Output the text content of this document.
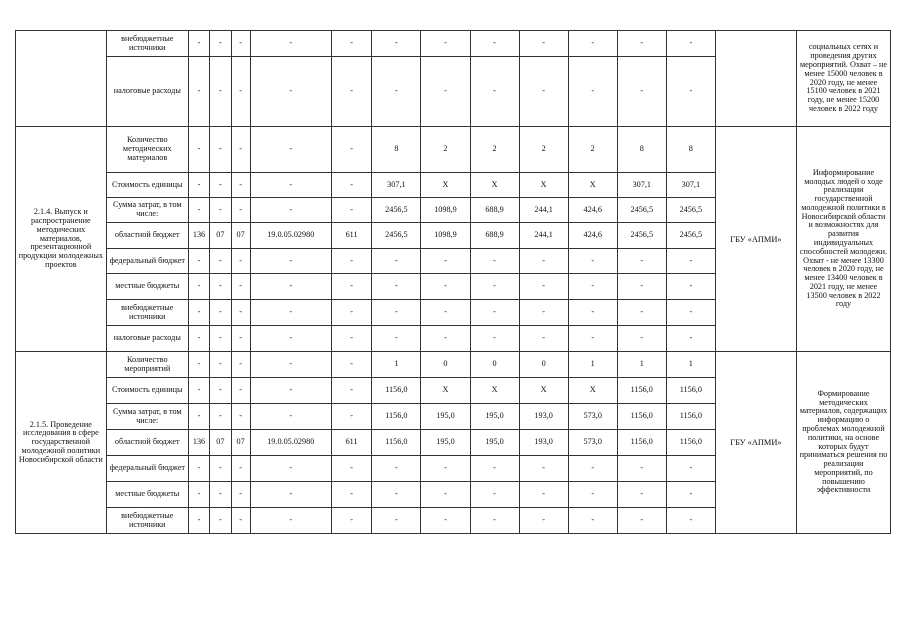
	внебюджетные источники	-	-	-	-	-	-	-	-	-	-	-	-		социальных сетях и проведения других мероприятий. Охват – не менее 15000 человек в 2020 году, не менее 15100 человек в 2021 году, не менее 15200 человек в 2022 году
	налоговые расходы	-	-	-	-	-	-	-	-	-	-	-	-		
2.1.4. Выпуск и распространение методических материалов, презентационной продукции молодежных проектов	Количество методических материалов	-	-	-	-	-	8	2	2	2	2	8	8	ГБУ «АПМИ»	Информирование молодых людей о ходе реализации государственной молодежной политики в Новосибирской области и возможностях для развития индивидуальных способностей молодежи. Охват - не менее 13300 человек в 2020 году, не менее 13400 человек в 2021 году, не менее 13500 человек в 2022 году
	Стоимость единицы	-	-	-	-	-	307,1	X	X	X	X	307,1	307,1		
	Сумма затрат, в том числе:	-	-	-	-	-	2456,5	1098,9	688,9	244,1	424,6	2456,5	2456,5		
	областной бюджет	136	07	07	19.0.05.02980	611	2456,5	1098,9	688,9	244,1	424,6	2456,5	2456,5		
	федеральный бюджет	-	-	-	-	-	-	-	-	-	-	-	-		
	местные бюджеты	-	-	-	-	-	-	-	-	-	-	-	-		
	внебюджетные источники	-	-	-	-	-	-	-	-	-	-	-	-		
	налоговые расходы	-	-	-	-	-	-	-	-	-	-	-	-		
2.1.5. Проведение исследования в сфере государственной молодежной политики Новосибирской области	Количество мероприятий	-	-	-	-	-	1	0	0	0	1	1	1	ГБУ «АПМИ»	Формирование методических материалов, содержащих информацию о проблемах молодежной политики, на основе которых будут приниматься решения по реализации мероприятий, по повышению эффективности
	Стоимость единицы	-	-	-	-	-	1156,0	X	X	X	X	1156,0	1156,0		
	Сумма затрат, в том числе:	-	-	-	-	-	1156,0	195,0	195,0	193,0	573,0	1156,0	1156,0		
	областной бюджет	136	07	07	19.0.05.02980	611	1156,0	195,0	195,0	193,0	573,0	1156,0	1156,0		
	федеральный бюджет	-	-	-	-	-	-	-	-	-	-	-	-		
	местные бюджеты	-	-	-	-	-	-	-	-	-	-	-	-		
	внебюджетные источники	-	-	-	-	-	-	-	-	-	-	-	-		
